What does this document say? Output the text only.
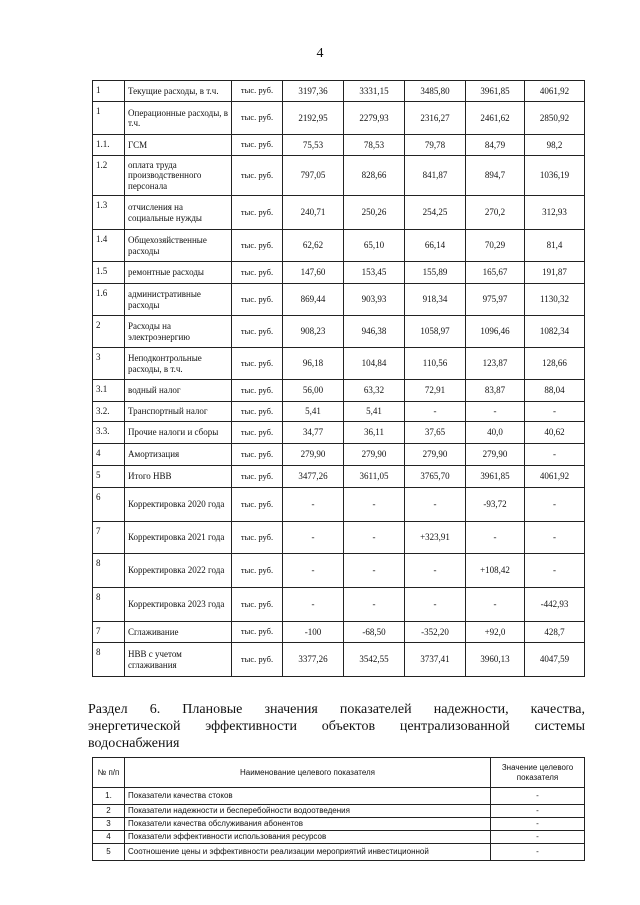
4
1	Текущие расходы, в т.ч.	тыс. руб.	3197,36	3331,15	3485,80	3961,85	4061,92
1	Операционные расходы, в т.ч.	тыс. руб.	2192,95	2279,93	2316,27	2461,62	2850,92
1.1.	ГСМ	тыс. руб.	75,53	78,53	79,78	84,79	98,2
1.2	оплата труда производственного персонала	тыс. руб.	797,05	828,66	841,87	894,7	1036,19
1.3	отчисления на социальные нужды	тыс. руб.	240,71	250,26	254,25	270,2	312,93
1.4	Общехозяйственные расходы	тыс. руб.	62,62	65,10	66,14	70,29	81,4
1.5	ремонтные расходы	тыс. руб.	147,60	153,45	155,89	165,67	191,87
1.6	административные расходы	тыс. руб.	869,44	903,93	918,34	975,97	1130,32
2	Расходы на электроэнергию	тыс. руб.	908,23	946,38	1058,97	1096,46	1082,34
3	Неподконтрольные расходы, в т.ч.	тыс. руб.	96,18	104,84	110,56	123,87	128,66
3.1	водный налог	тыс. руб.	56,00	63,32	72,91	83,87	88,04
3.2.	Транспортный налог	тыс. руб.	5,41	5,41	-	-	-
3.3.	Прочие налоги и сборы	тыс. руб.	34,77	36,11	37,65	40,0	40,62
4	Амортизация	тыс. руб.	279,90	279,90	279,90	279,90	-
5	Итого НВВ	тыс. руб.	3477,26	3611,05	3765,70	3961,85	4061,92
6	Корректировка 2020 года	тыс. руб.	-	-	-	-93,72	-
7	Корректировка 2021 года	тыс. руб.	-	-	+323,91	-	-
8	Корректировка 2022 года	тыс. руб.	-	-	-	+108,42	-
8	Корректировка 2023 года	тыс. руб.	-	-	-	-	-442,93
7	Сглаживание	тыс. руб.	-100	-68,50	-352,20	+92,0	428,7
8	НВВ с учетом сглаживания	тыс. руб.	3377,26	3542,55	3737,41	3960,13	4047,59
Раздел 6. Плановые значения показателей надежности, качества,
энергетической эффективности объектов централизованной системы
водоснабжения
№ п/п	Наименование целевого показателя	Значение целевого показателя
1.	Показатели качества стоков	-
2	Показатели надежности и бесперебойности водоотведения	-
3	Показатели качества обслуживания абонентов	-
4	Показатели эффективности использования ресурсов	-
5	Соотношение цены и эффективности реализации мероприятий инвестиционной	-
